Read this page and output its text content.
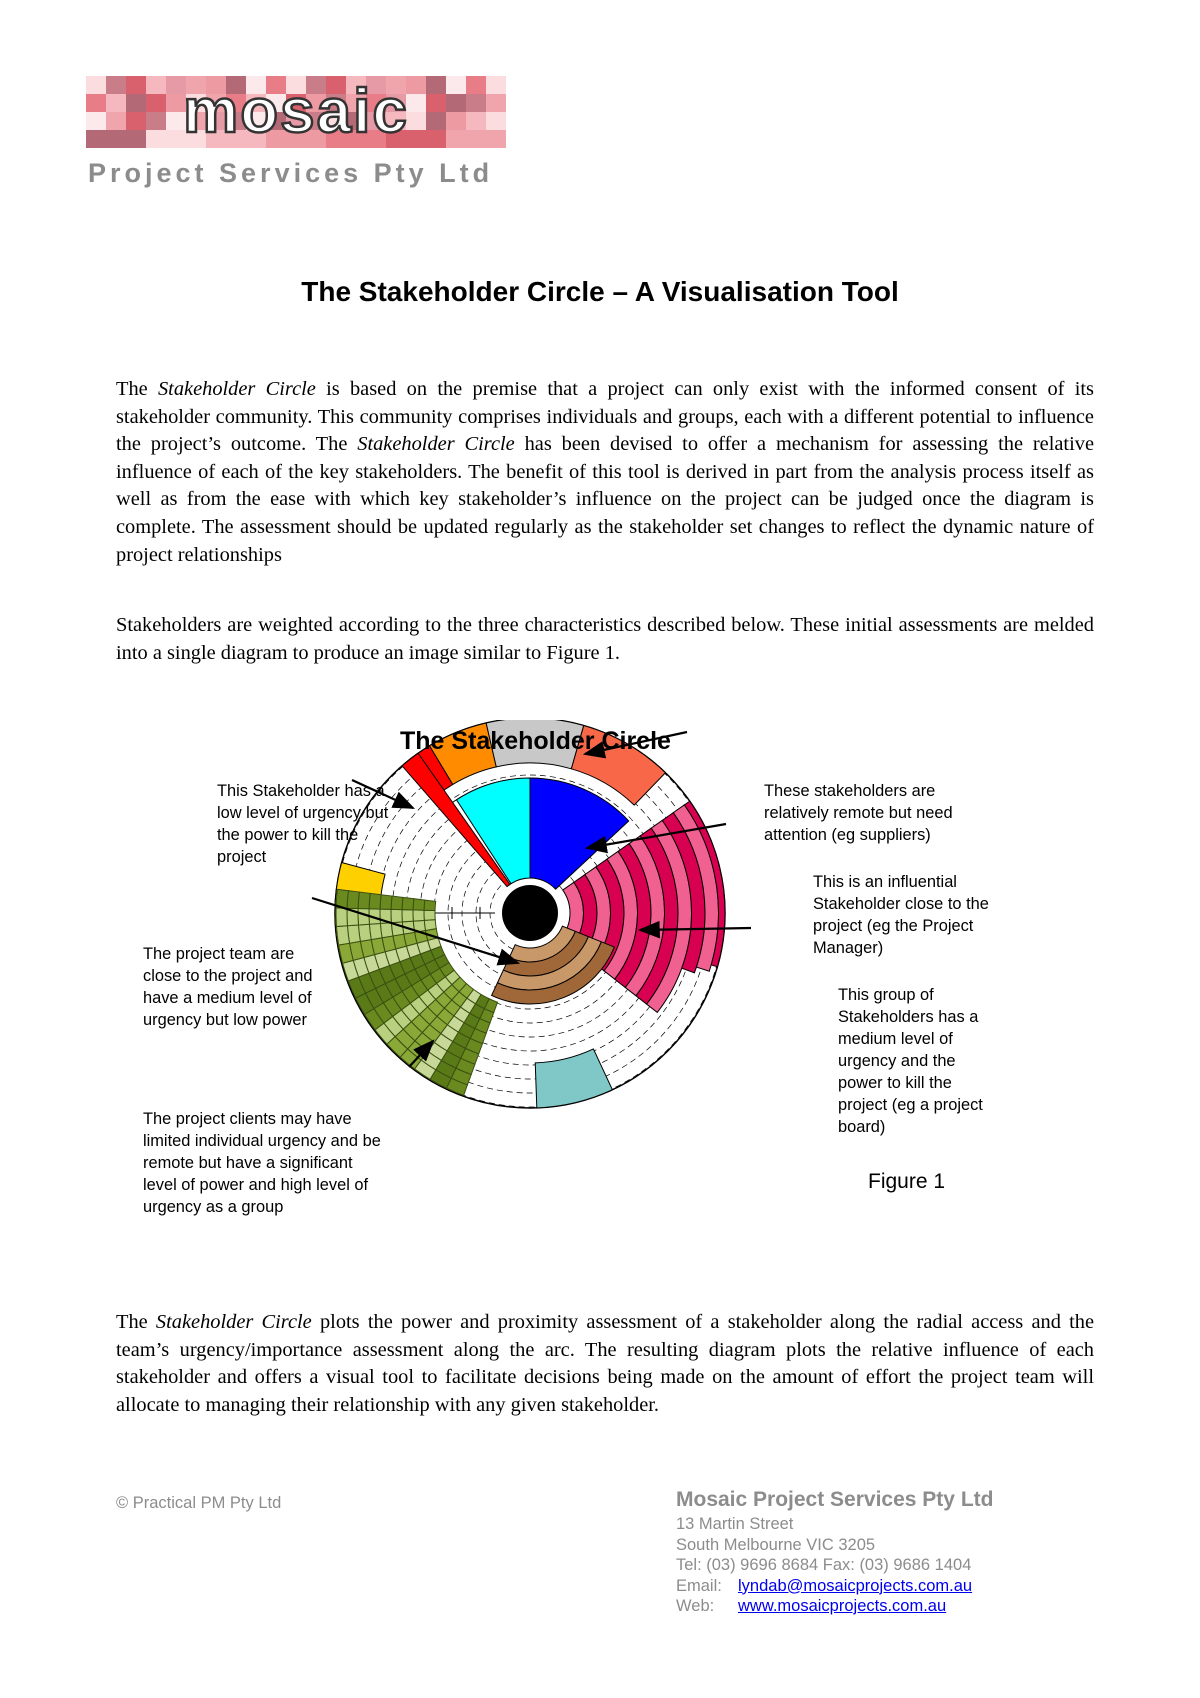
mosaic
Project Services Pty Ltd
The Stakeholder Circle – A Visualisation Tool

The Stakeholder Circle is based on the premise that a project can only exist with the informed consent of its stakeholder community. This community comprises individuals and groups, each with a different potential to influence the project’s outcome. The Stakeholder Circle has been devised to offer a mechanism for assessing the relative influence of each of the key stakeholders. The benefit of this tool is derived in part from the analysis process itself as well as from the ease with which key stakeholder’s influence on the project can be judged once the diagram is complete. The assessment should be updated regularly as the stakeholder set changes to reflect the dynamic nature of project relationships

Stakeholders are weighted according to the three characteristics described below. These initial assessments are melded into a single diagram to produce an image similar to Figure 1.

The Stakeholder Circle
This Stakeholder has a
low level of urgency but
the power to kill the
project
The project team are
close to the project and
have a medium level of
urgency but low power
The project clients may have
limited individual urgency and be
remote but have a significant
level of power and high level of
urgency as a group
These stakeholders are
relatively remote but need
attention (eg suppliers)
This is an influential
Stakeholder close to the
project (eg the Project
Manager)
This group of
Stakeholders has a
medium level of
urgency and the
power to kill the
project (eg a project
board)
Figure 1

The Stakeholder Circle plots the power and proximity assessment of a stakeholder along the radial access and the team’s urgency/importance assessment along the arc. The resulting diagram plots the relative influence of each stakeholder and offers a visual tool to facilitate decisions being made on the amount of effort the project team will allocate to managing their relationship with any given stakeholder.

© Practical PM Pty Ltd	Mosaic Project Services Pty Ltd
13 Martin Street
South Melbourne VIC 3205
Tel: (03) 9696 8684 Fax: (03) 9686 1404
Email: lyndab@mosaicprojects.com.au
Web: www.mosaicprojects.com.au
